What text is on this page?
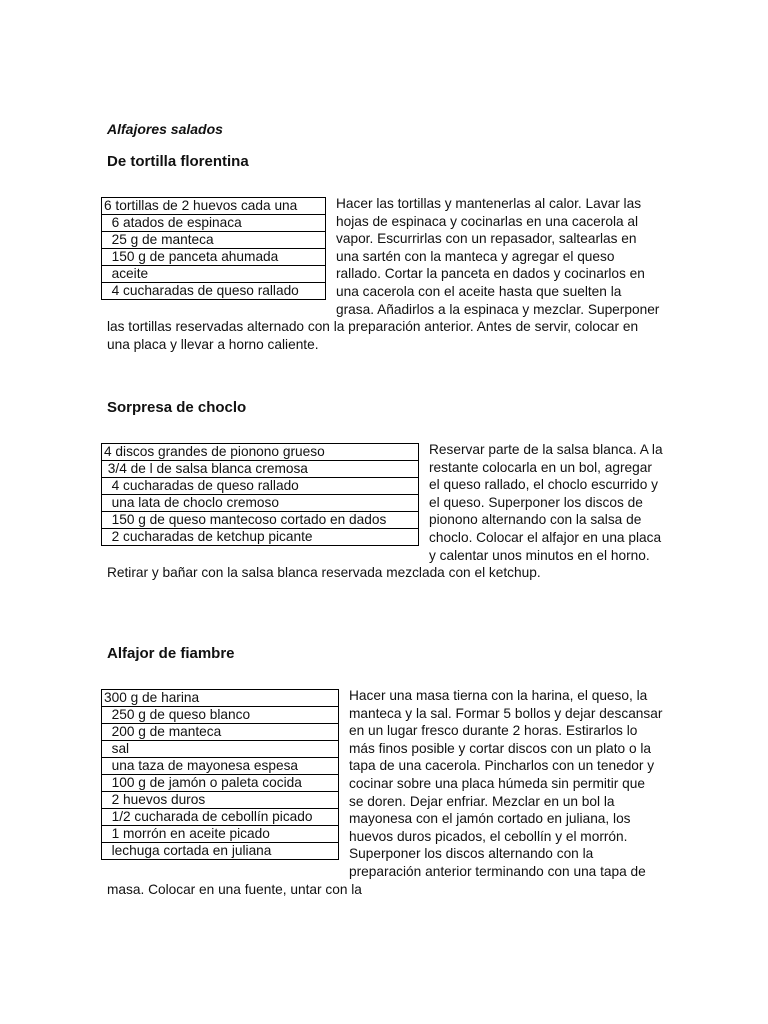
Alfajores salados
De tortilla florentina
6 tortillas de 2 huevos cada una
6 atados de espinaca
25 g de manteca
150 g de panceta ahumada
aceite
4 cucharadas de queso rallado

Hacer las tortillas y mantenerlas al calor. Lavar las hojas de espinaca y cocinarlas en una cacerola al vapor. Escurrirlas con un repasador, saltearlas en una sartén con la manteca y agregar el queso rallado. Cortar la panceta en dados y cocinarlos en una cacerola con el aceite hasta que suelten la grasa. Añadirlos a la espinaca y mezclar. Superponer las tortillas reservadas alternado con la preparación anterior. Antes de servir, colocar en una placa y llevar a horno caliente.

Sorpresa de choclo
4 discos grandes de pionono grueso
3/4 de l de salsa blanca cremosa
4 cucharadas de queso rallado
una lata de choclo cremoso
150 g de queso mantecoso cortado en dados
2 cucharadas de ketchup picante

Reservar parte de la salsa blanca. A la restante colocarla en un bol, agregar el queso rallado, el choclo escurrido y el queso. Superponer los discos de pionono alternando con la salsa de choclo. Colocar el alfajor en una placa y calentar unos minutos en el horno. Retirar y bañar con la salsa blanca reservada mezclada con el ketchup.

Alfajor de fiambre
300 g de harina
250 g de queso blanco
200 g de manteca
sal
una taza de mayonesa espesa
100 g de jamón o paleta cocida
2 huevos duros
1/2 cucharada de cebollín picado
1 morrón en aceite picado
lechuga cortada en juliana

Hacer una masa tierna con la harina, el queso, la manteca y la sal. Formar 5 bollos y dejar descansar en un lugar fresco durante 2 horas. Estirarlos lo más finos posible y cortar discos con un plato o la tapa de una cacerola. Pincharlos con un tenedor y cocinar sobre una placa húmeda sin permitir que se doren. Dejar enfriar. Mezclar en un bol la mayonesa con el jamón cortado en juliana, los huevos duros picados, el cebollín y el morrón. Superponer los discos alternando con la preparación anterior terminando con una tapa de masa. Colocar en una fuente, untar con la
